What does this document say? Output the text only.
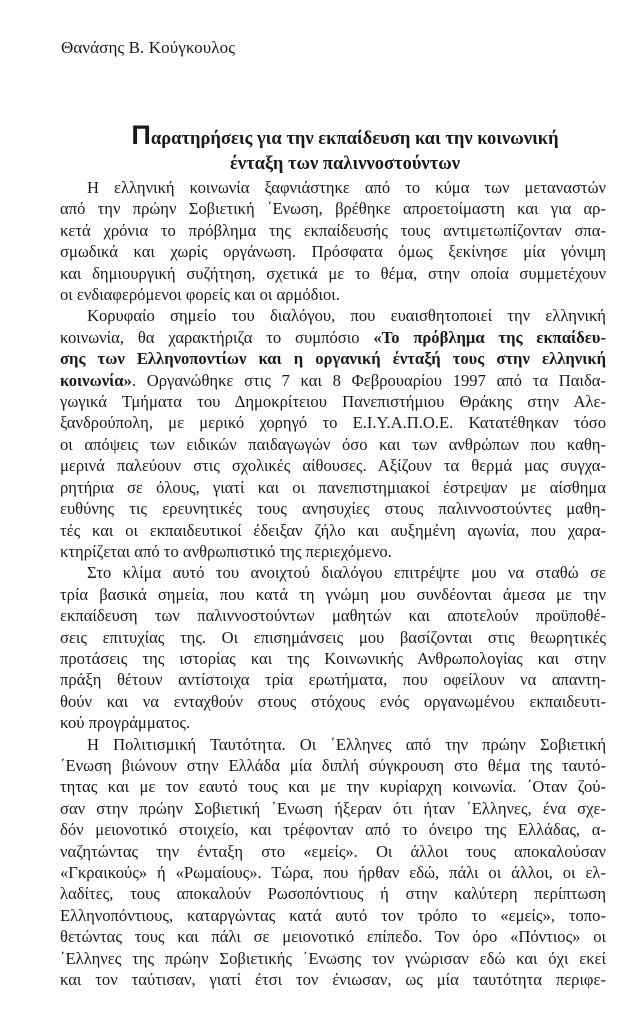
Θανάσης Β. Κούγκουλος
Παρατηρήσεις για την εκπαίδευση και την κοινωνική
ένταξη των παλιννοστούντων
Η ελληνική κοινωνία ξαφνιάστηκε από το κύμα των μεταναστών
από την πρώην Σοβιετική ΄Ενωση, βρέθηκε απροετοίμαστη και για αρ-
κετά χρόνια το πρόβλημα της εκπαίδευσής τους αντιμετωπίζονταν σπα-
σμωδικά και χωρίς οργάνωση. Πρόσφατα όμως ξεκίνησε μία γόνιμη
και δημιουργική συζήτηση, σχετικά με το θέμα, στην οποία συμμετέχουν
οι ενδιαφερόμενοι φορείς και οι αρμόδιοι.
Κορυφαίο σημείο του διαλόγου, που ευαισθητοποιεί την ελληνική
κοινωνία, θα χαρακτήριζα το συμπόσιο «Το πρόβλημα της εκπαίδευ-
σης των Ελληνοποντίων και η οργανική ένταξή τους στην ελληνική
κοινωνία». Οργανώθηκε στις 7 και 8 Φεβρουαρίου 1997 από τα Παιδα-
γωγικά Τμήματα του Δημοκρίτειου Πανεπιστήμιου Θράκης στην Αλε-
ξανδρούπολη, με μερικό χορηγό το Ε.Ι.Υ.Α.Π.Ο.Ε. Κατατέθηκαν τόσο
οι απόψεις των ειδικών παιδαγωγών όσο και των ανθρώπων που καθη-
μερινά παλεύουν στις σχολικές αίθουσες. Αξίζουν τα θερμά μας συγχα-
ρητήρια σε όλους, γιατί και οι πανεπιστημιακοί έστρεψαν με αίσθημα
ευθύνης τις ερευνητικές τους ανησυχίες στους παλιννοστούντες μαθη-
τές και οι εκπαιδευτικοί έδειξαν ζήλο και αυξημένη αγωνία, που χαρα-
κτηρίζεται από το ανθρωπιστικό της περιεχόμενο.
Στο κλίμα αυτό του ανοιχτού διαλόγου επιτρέψτε μου να σταθώ σε
τρία βασικά σημεία, που κατά τη γνώμη μου συνδέονται άμεσα με την
εκπαίδευση των παλιννοστούντων μαθητών και αποτελούν προϋποθέ-
σεις επιτυχίας της. Οι επισημάνσεις μου βασίζονται στις θεωρητικές
προτάσεις της ιστορίας και της Κοινωνικής Ανθρωπολογίας και στην
πράξη θέτουν αντίστοιχα τρία ερωτήματα, που οφείλουν να απαντη-
θούν και να ενταχθούν στους στόχους ενός οργανωμένου εκπαιδευτι-
κού προγράμματος.
Η Πολιτισμική Ταυτότητα. Οι ΄Ελληνες από την πρώην Σοβιετική
΄Ενωση βιώνουν στην Ελλάδα μία διπλή σύγκρουση στο θέμα της ταυτό-
τητας και με τον εαυτό τους και με την κυρίαρχη κοινωνία. ΄Οταν ζού-
σαν στην πρώην Σοβιετική ΄Ενωση ήξεραν ότι ήταν ΄Ελληνες, ένα σχε-
δόν μειονοτικό στοιχείο, και τρέφονταν από το όνειρο της Ελλάδας, α-
ναζητώντας την ένταξη στο «εμείς». Οι άλλοι τους αποκαλούσαν
«Γκραικούς» ή «Ρωμαίους». Τώρα, που ήρθαν εδώ, πάλι οι άλλοι, οι ελ-
λαδίτες, τους αποκαλούν Ρωσοπόντιους ή στην καλύτερη περίπτωση
Ελληνοπόντιους, καταργώντας κατά αυτό τον τρόπο το «εμείς», τοπο-
θετώντας τους και πάλι σε μειονοτικό επίπεδο. Τον όρο «Πόντιος» οι
΄Ελληνες της πρώην Σοβιετικής ΄Ενωσης τον γνώρισαν εδώ και όχι εκεί
και τον ταύτισαν, γιατί έτσι τον ένιωσαν, ως μία ταυτότητα περιφε-
